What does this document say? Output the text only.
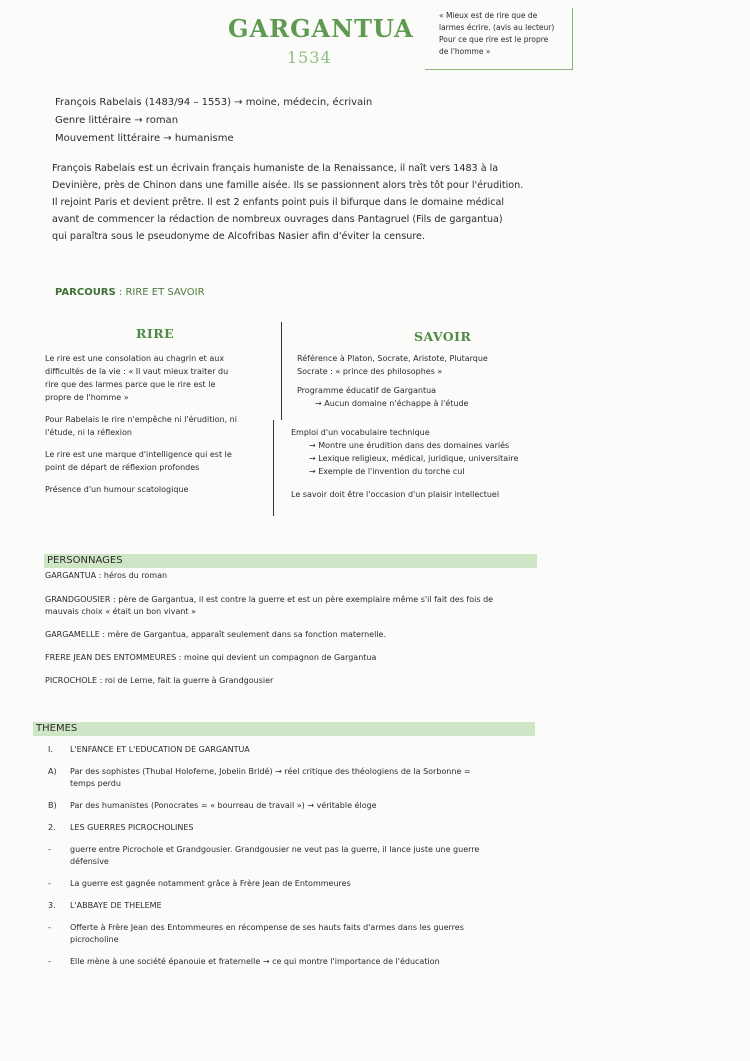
GARGANTUA
1534
« Mieux est de rire que de
larmes écrire. (avis au lecteur)
Pour ce que rire est le propre
de l'homme »
François Rabelais (1483/94 – 1553) → moine, médecin, écrivain
Genre littéraire → roman
Mouvement littéraire → humanisme
François Rabelais est un écrivain français humaniste de la Renaissance, il naît vers 1483 à la
Devinière, près de Chinon dans une famille aisée. Ils se passionnent alors très tôt pour l'érudition.
Il rejoint Paris et devient prêtre. Il est 2 enfants point puis il bifurque dans le domaine médical
avant de commencer la rédaction de nombreux ouvrages dans Pantagruel (Fils de gargantua)
qui paraîtra sous le pseudonyme de Alcofribas Nasier afin d'éviter la censure.
PARCOURS : RIRE ET SAVOIR
RIRE	SAVOIR

Le rire est une consolation au chagrin et aux

difficultés de la vie : « Il vaut mieux traiter du

rire que des larmes parce que le rire est le

propre de l'homme »

Pour Rabelais le rire n'empêche ni l'érudition, ni

l'étude, ni la réflexion

Le rire est une marque d'intelligence qui est le

point de départ de réflexion profondes

Présence d'un humour scatologique

Référence à Platon, Socrate, Aristote, Plutarque

Socrate : « prince des philosophes »

Programme éducatif de Gargantua

→ Aucun domaine n'échappe à l'étude

Emploi d'un vocabulaire technique

→ Montre une érudition dans des domaines variés

→ Lexique religieux, médical, juridique, universitaire

→ Exemple de l'invention du torche cul

Le savoir doit être l'occasion d'un plaisir intellectuel

PERSONNAGES
GARGANTUA : héros du roman
GRANDGOUSIER : père de Gargantua, il est contre la guerre et est un père exemplaire même s'il fait des fois de
mauvais choix « était un bon vivant »
GARGAMELLE : mère de Gargantua, apparaît seulement dans sa fonction maternelle.
FRERE JEAN DES ENTOMMEURES : moine qui devient un compagnon de Gargantua
PICROCHOLE : roi de Lerne, fait la guerre à Grandgousier
THEMES
I.	L'ENFANCE ET L'EDUCATION DE GARGANTUA
A)	Par des sophistes (Thubal Holoferne, Jobelin Bridé) → réel critique des théologiens de la Sorbonne =
temps perdu
B)	Par des humanistes (Ponocrates = « bourreau de travail ») → véritable éloge
2.	LES GUERRES PICROCHOLINES
-	guerre entre Picrochole et Grandgousier. Grandgousier ne veut pas la guerre, il lance juste une guerre
défensive
-	La guerre est gagnée notamment grâce à Frère Jean de Entommeures
3.	L'ABBAYE DE THELEME
-	Offerte à Frère Jean des Entommeures en récompense de ses hauts faits d'armes dans les guerres
picrocholine
-	Elle mène à une société épanouie et fraternelle → ce qui montre l'importance de l'éducation
